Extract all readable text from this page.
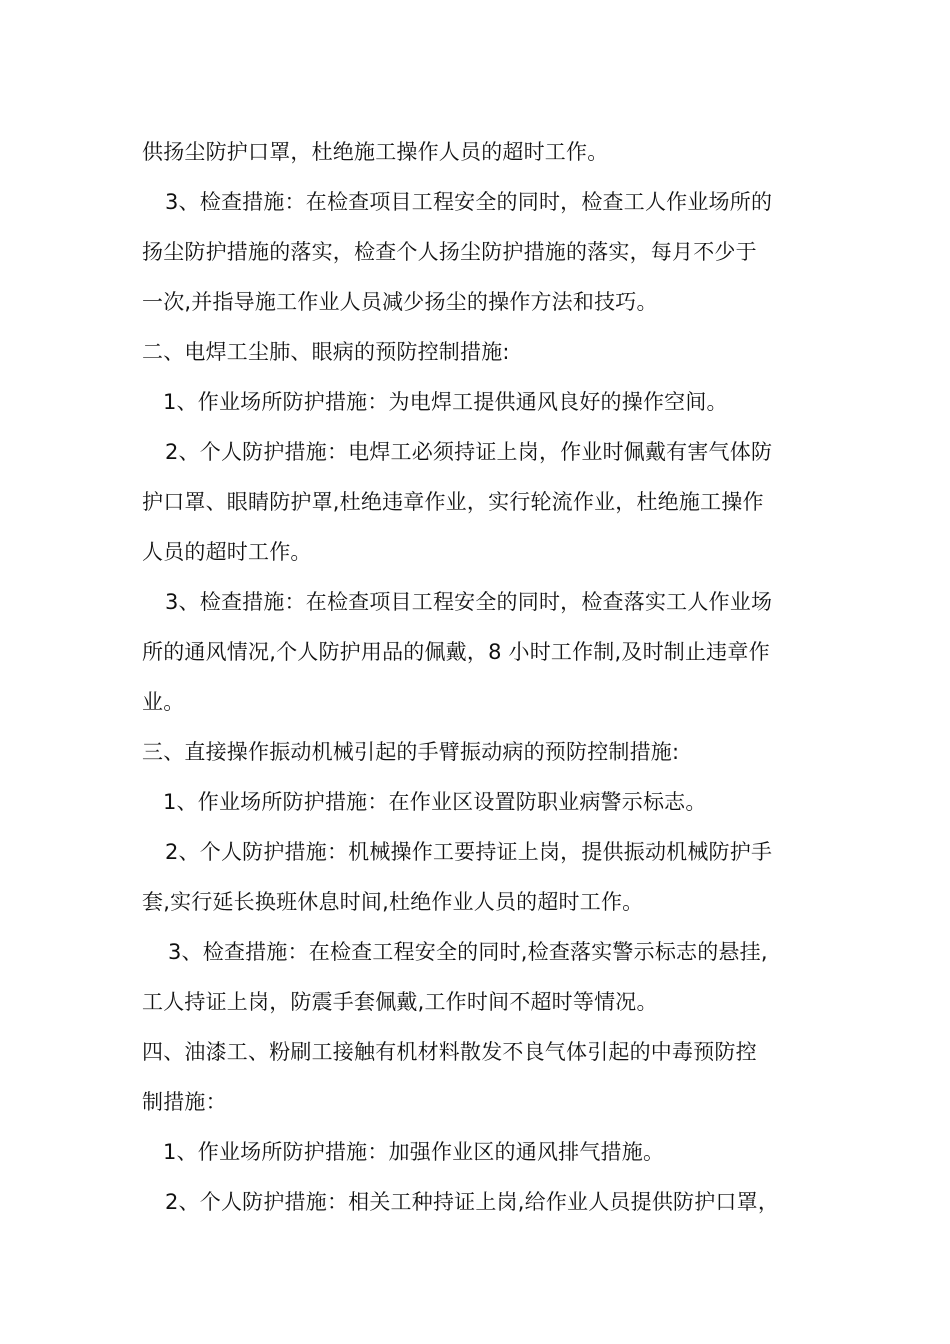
供扬尘防护口罩，杜绝施工操作人员的超时工作。
3、检查措施：在检查项目工程安全的同时，检查工人作业场所的
扬尘防护措施的落实，检查个人扬尘防护措施的落实，每月不少于
一次,并指导施工作业人员减少扬尘的操作方法和技巧。
二、电焊工尘肺、眼病的预防控制措施:
1、作业场所防护措施：为电焊工提供通风良好的操作空间。
2、个人防护措施：电焊工必须持证上岗，作业时佩戴有害气体防
护口罩、眼睛防护罩,杜绝违章作业，实行轮流作业，杜绝施工操作
人员的超时工作。
3、检查措施：在检查项目工程安全的同时，检查落实工人作业场
所的通风情况,个人防护用品的佩戴，8 小时工作制,及时制止违章作
业。
三、直接操作振动机械引起的手臂振动病的预防控制措施:
1、作业场所防护措施：在作业区设置防职业病警示标志。
2、个人防护措施：机械操作工要持证上岗，提供振动机械防护手
套,实行延长换班休息时间,杜绝作业人员的超时工作。
3、检查措施：在检查工程安全的同时,检查落实警示标志的悬挂,
工人持证上岗，防震手套佩戴,工作时间不超时等情况。
四、油漆工、粉刷工接触有机材料散发不良气体引起的中毒预防控
制措施：
1、作业场所防护措施：加强作业区的通风排气措施。
2、个人防护措施：相关工种持证上岗,给作业人员提供防护口罩，
